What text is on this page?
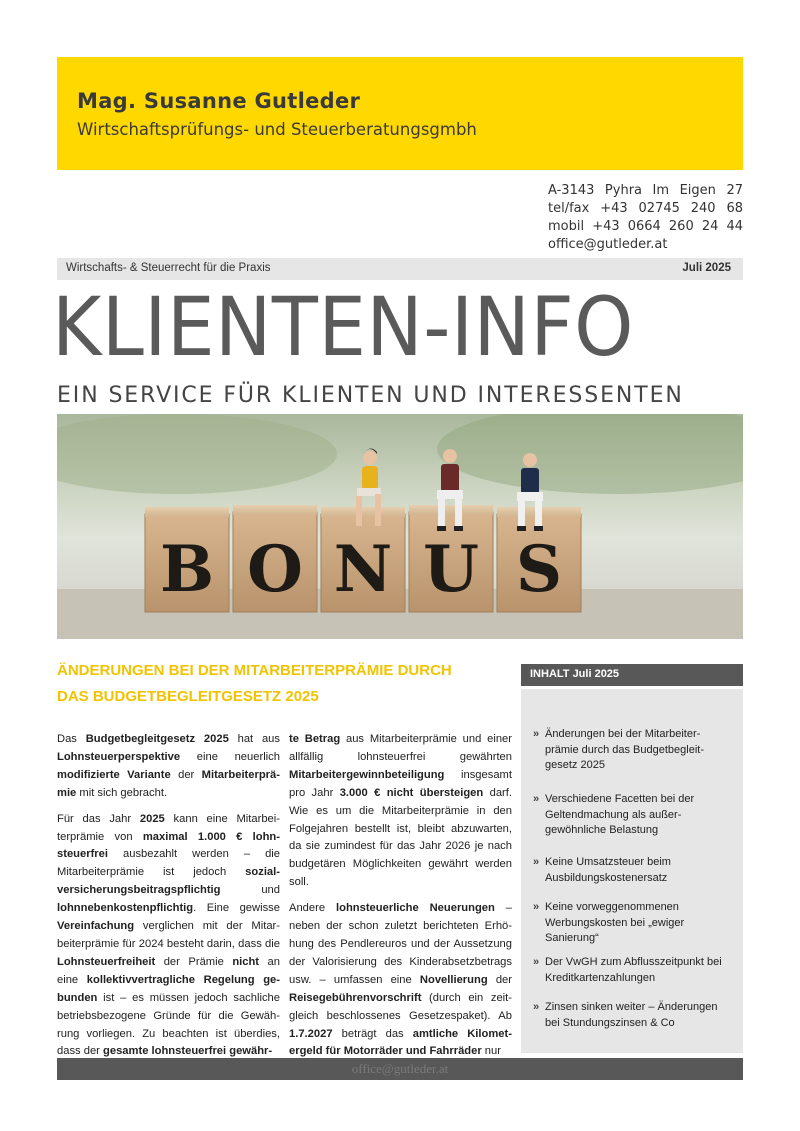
Mag. Susanne Gutleder
Wirtschaftsprüfungs- und Steuerberatungsgmbh
A-3143 Pyhra Im Eigen 27
tel/fax +43 02745 240 68
mobil +43 0664 260 24 44
office@gutleder.at
Wirtschafts- & Steuerrecht für die Praxis	Juli 2025
KLIENTEN-INFO
EIN SERVICE FÜR KLIENTEN UND INTERESSENTEN
B O N U S
ÄNDERUNGEN BEI DER MITARBEITERPRÄMIE DURCH
DAS BUDGETBEGLEITGESETZ 2025

Das Budgetbegleitgesetz 2025 hat aus Lohnsteuerperspektive eine neuerlich modifizierte Variante der Mitarbeiterprämie mit sich gebracht.

Für das Jahr 2025 kann eine Mitarbeiterprämie von maximal 1.000 € lohnsteuerfrei ausbezahlt werden – die Mitarbeiterprämie ist jedoch sozialversicherungsbeitragspflichtig und lohnnebenkostenpflichtig. Eine gewisse Vereinfachung verglichen mit der Mitarbeiterprämie für 2024 besteht darin, dass die Lohnsteuerfreiheit der Prämie nicht an eine kollektivvertragliche Regelung gebunden ist – es müssen jedoch sachliche betriebsbezogene Gründe für die Gewährung vorliegen. Zu beachten ist überdies, dass der gesamte lohnsteuerfrei gewähr-

te Betrag aus Mitarbeiterprämie und einer allfällig lohnsteuerfrei gewährten Mitarbeitergewinnbeteiligung insgesamt pro Jahr 3.000 € nicht übersteigen darf. Wie es um die Mitarbeiterprämie in den Folgejahren bestellt ist, bleibt abzuwarten, da sie zumindest für das Jahr 2026 je nach budgetären Möglichkeiten gewährt werden soll.

Andere lohnsteuerliche Neuerungen – neben der schon zuletzt berichteten Erhöhung des Pendlereuros und der Aussetzung der Valorisierung des Kinderabsetzbetrags usw. – umfassen eine Novellierung der Reisegebührenvorschrift (durch ein zeitgleich beschlossenes Gesetzespaket). Ab 1.7.2027 beträgt das amtliche Kilometergeld für Motorräder und Fahrräder nur

INHALT Juli 2025
» Änderungen bei der Mitarbeiter-prämie durch das Budgetbegleit-gesetz 2025
» Verschiedene Facetten bei der Geltendmachung als außer-gewöhnliche Belastung
» Keine Umsatzsteuer beim Ausbildungskostenersatz
» Keine vorweggenommenen Werbungskosten bei „ewiger Sanierung“
» Der VwGH zum Abflusszeitpunkt bei Kreditkartenzahlungen
» Zinsen sinken weiter – Änderungen bei Stundungszinsen & Co
office@gutleder.at
